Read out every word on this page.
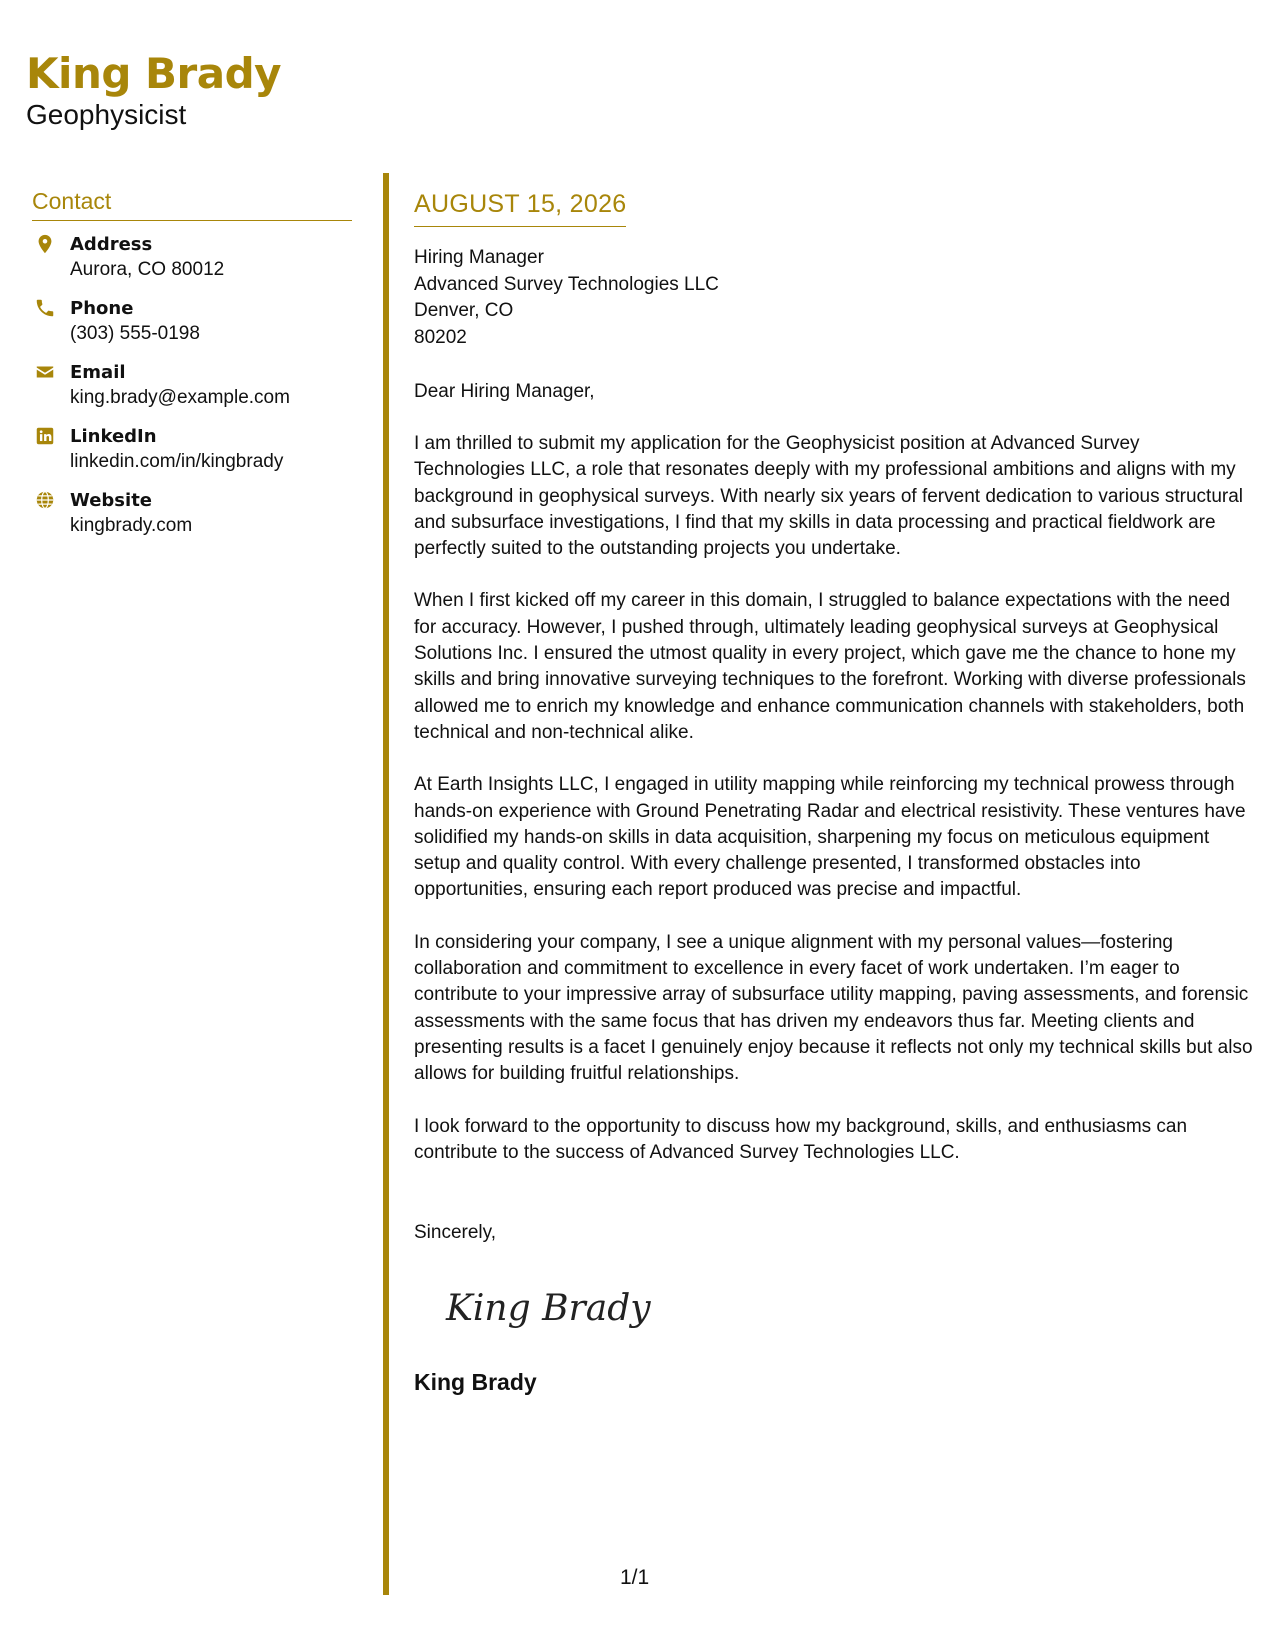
King Brady
Geophysicist
Contact
Address
Aurora, CO 80012
Phone
(303) 555-0198
Email
king.brady@example.com
LinkedIn
linkedin.com/in/kingbrady
Website
kingbrady.com
AUGUST 15, 2026
Hiring Manager
Advanced Survey Technologies LLC
Denver, CO
80202
Dear Hiring Manager,
I am thrilled to submit my application for the Geophysicist position at Advanced Survey Technologies LLC, a role that resonates deeply with my professional ambitions and aligns with my background in geophysical surveys. With nearly six years of fervent dedication to various structural and subsurface investigations, I find that my skills in data processing and practical fieldwork are perfectly suited to the outstanding projects you undertake.
When I first kicked off my career in this domain, I struggled to balance expectations with the need for accuracy. However, I pushed through, ultimately leading geophysical surveys at Geophysical Solutions Inc. I ensured the utmost quality in every project, which gave me the chance to hone my skills and bring innovative surveying techniques to the forefront. Working with diverse professionals allowed me to enrich my knowledge and enhance communication channels with stakeholders, both technical and non-technical alike.
At Earth Insights LLC, I engaged in utility mapping while reinforcing my technical prowess through hands-on experience with Ground Penetrating Radar and electrical resistivity. These ventures have solidified my hands-on skills in data acquisition, sharpening my focus on meticulous equipment setup and quality control. With every challenge presented, I transformed obstacles into opportunities, ensuring each report produced was precise and impactful.
In considering your company, I see a unique alignment with my personal values—fostering collaboration and commitment to excellence in every facet of work undertaken. I’m eager to contribute to your impressive array of subsurface utility mapping, paving assessments, and forensic assessments with the same focus that has driven my endeavors thus far. Meeting clients and presenting results is a facet I genuinely enjoy because it reflects not only my technical skills but also allows for building fruitful relationships.
I look forward to the opportunity to discuss how my background, skills, and enthusiasms can contribute to the success of Advanced Survey Technologies LLC.
Sincerely,
King Brady
King Brady
1/1
